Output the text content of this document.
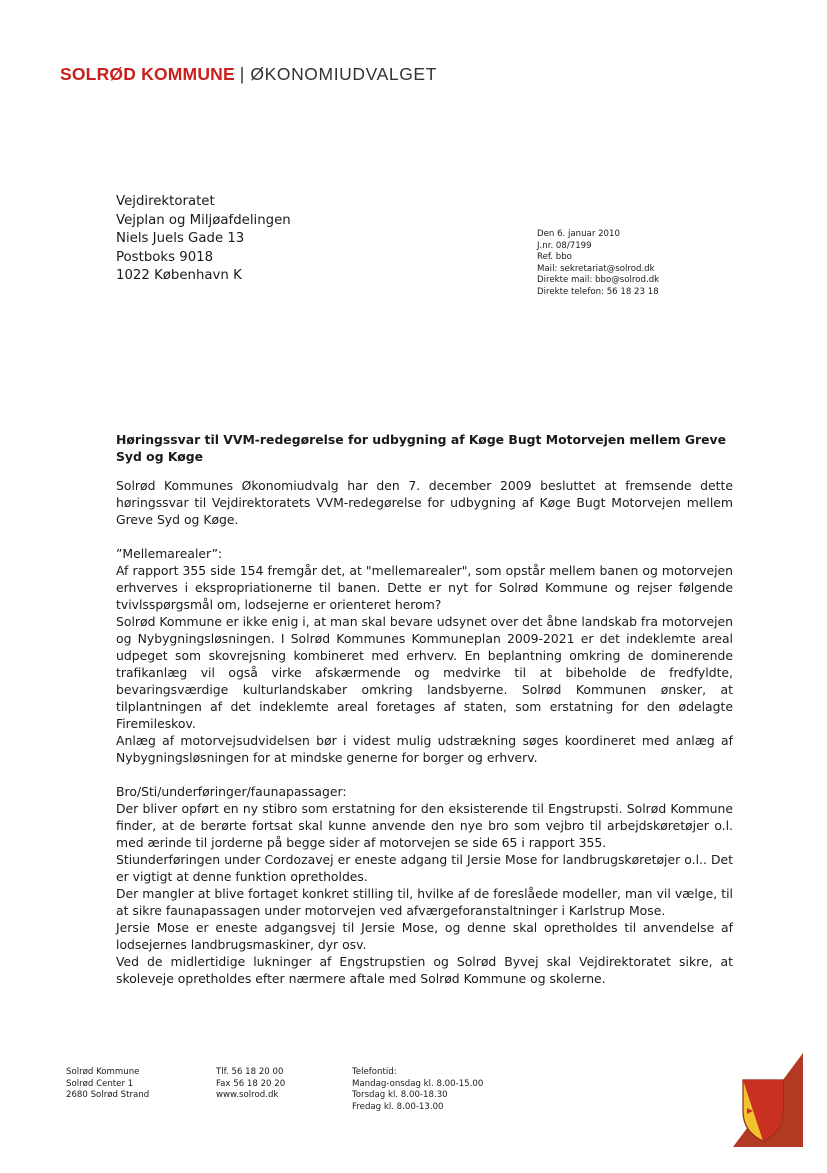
SOLRØD KOMMUNE | ØKONOMIUDVALGET
Vejdirektoratet
Vejplan og Miljøafdelingen
Niels Juels Gade 13
Postboks 9018
1022 København K
Den 6. januar 2010
J.nr. 08/7199
Ref. bbo
Mail: sekretariat@solrod.dk
Direkte mail: bbo@solrod.dk
Direkte telefon: 56 18 23 18
Høringssvar til VVM-redegørelse for udbygning af Køge Bugt Motorvejen mellem Greve Syd og Køge

Solrød Kommunes Økonomiudvalg har den 7. december 2009 besluttet at fremsende dette høringssvar til Vejdirektoratets VVM-redegørelse for udbygning af Køge Bugt Motorvejen mellem Greve Syd og Køge.

”Mellemarealer”:

Af rapport 355 side 154 fremgår det, at "mellemarealer", som opstår mellem banen og motorvejen erhverves i ekspropriationerne til banen. Dette er nyt for Solrød Kommune og rejser følgende tvivlsspørgsmål om, lodsejerne er orienteret herom?

Solrød Kommune er ikke enig i, at man skal bevare udsynet over det åbne landskab fra motorvejen og Nybygningsløsningen. I Solrød Kommunes Kommuneplan 2009-2021 er det indeklemte areal udpeget som skovrejsning kombineret med erhverv. En beplantning omkring de dominerende trafikanlæg vil også virke afskærmende og medvirke til at bibeholde de fredfyldte, bevaringsværdige kulturlandskaber omkring landsbyerne. Solrød Kommunen ønsker, at tilplantningen af det indeklemte areal foretages af staten, som erstatning for den ødelagte Firemileskov.

Anlæg af motorvejsudvidelsen bør i videst mulig udstrækning søges koordineret med anlæg af Nybygningsløsningen for at mindske generne for borger og erhverv.

Bro/Sti/underføringer/faunapassager:

Der bliver opført en ny stibro som erstatning for den eksisterende til Engstrupsti. Solrød Kommune finder, at de berørte fortsat skal kunne anvende den nye bro som vejbro til arbejdskøretøjer o.l. med ærinde til jorderne på begge sider af motorvejen se side 65 i rapport 355.

Stiunderføringen under Cordozavej er eneste adgang til Jersie Mose for landbrugskøretøjer o.l.. Det er vigtigt at denne funktion opretholdes.

Der mangler at blive fortaget konkret stilling til, hvilke af de foreslåede modeller, man vil vælge, til at sikre faunapassagen under motorvejen ved afværgeforanstaltninger i Karlstrup Mose.

Jersie Mose er eneste adgangsvej til Jersie Mose, og denne skal opretholdes til anvendelse af lodsejernes landbrugsmaskiner, dyr osv.

Ved de midlertidige lukninger af Engstrupstien og Solrød Byvej skal Vejdirektoratet sikre, at skoleveje opretholdes efter nærmere aftale med Solrød Kommune og skolerne.

Solrød Kommune
Solrød Center 1
2680 Solrød Strand
Tlf. 56 18 20 00
Fax 56 18 20 20
www.solrod.dk
Telefontid:
Mandag-onsdag kl. 8.00-15.00
Torsdag kl. 8.00-18.30
Fredag kl. 8.00-13.00
